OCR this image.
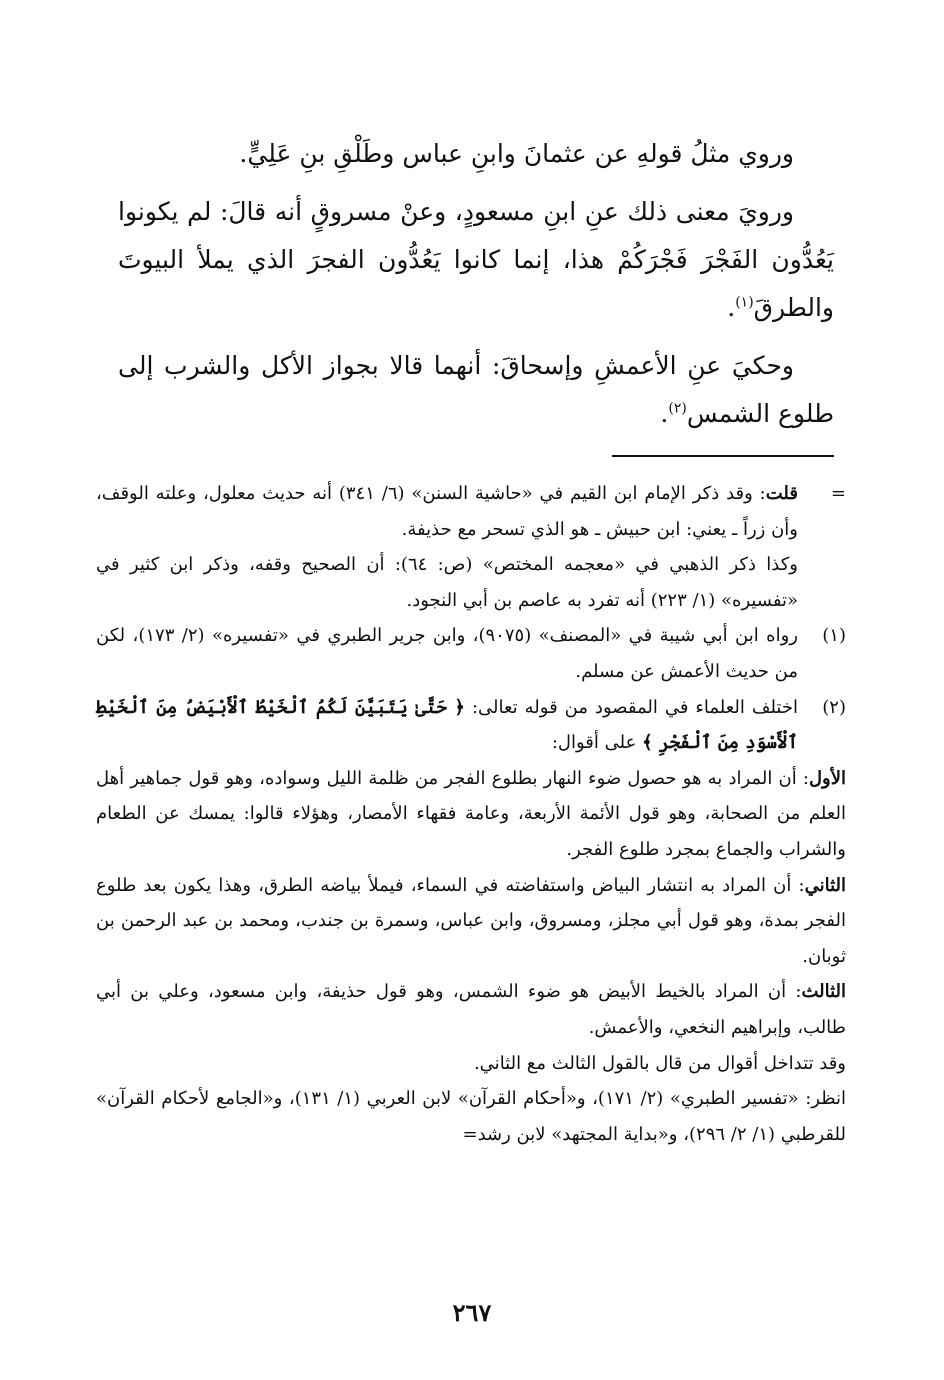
وروي مثلُ قولهِ عن عثمانَ وابنِ عباس وطَلْقِ بنِ عَلِيٍّ.

ورويَ معنى ذلك عنِ ابنِ مسعودٍ، وعنْ مسروقٍ أنه قالَ: لم يكونوا يَعُدُّون الفَجْرَ فَجْرَكُمْ هذا، إنما كانوا يَعُدُّون الفجرَ الذي يملأ البيوتَ والطرقَ$^{(١)}$.

وحكيَ عنِ الأعمشِ وإسحاقَ: أنهما قالا بجواز الأكل والشرب إلى طلوع الشمس$^{(٢)}$.

=

قلت: وقد ذكر الإمام ابن القيم في «حاشية السنن» (٦/ ٣٤١) أنه حديث معلول، وعلته الوقف، وأن زراً ـ يعني: ابن حبيش ـ هو الذي تسحر مع حذيفة.

وكذا ذكر الذهبي في «معجمه المختص» (ص: ٦٤): أن الصحيح وقفه، وذكر ابن كثير في «تفسيره» (١/ ٢٢٣) أنه تفرد به عاصم بن أبي النجود.

(١)

رواه ابن أبي شيبة في «المصنف» (٩٠٧٥)، وابن جرير الطبري في «تفسيره» (٢/ ١٧٣)، لكن من حديث الأعمش عن مسلم.

(٢)

اختلف العلماء في المقصود من قوله تعالى: ﴿ حَتَّىٰ يَتَبَيَّنَ لَكُمُ ٱلْخَيْطُ ٱلْأَبْيَضُ مِنَ ٱلْخَيْطِ ٱلْأَسْوَدِ مِنَ ٱلْفَجْرِ ﴾ على أقوال:

الأول: أن المراد به هو حصول ضوء النهار بطلوع الفجر من ظلمة الليل وسواده، وهو قول جماهير أهل العلم من الصحابة، وهو قول الأئمة الأربعة، وعامة فقهاء الأمصار، وهؤلاء قالوا: يمسك عن الطعام والشراب والجماع بمجرد طلوع الفجر.

الثاني: أن المراد به انتشار البياض واستفاضته في السماء، فيملأ بياضه الطرق، وهذا يكون بعد طلوع الفجر بمدة، وهو قول أبي مجلز، ومسروق، وابن عباس، وسمرة بن جندب، ومحمد بن عبد الرحمن بن ثوبان.

الثالث: أن المراد بالخيط الأبيض هو ضوء الشمس، وهو قول حذيفة، وابن مسعود، وعلي بن أبي طالب، وإبراهيم النخعي، والأعمش.

وقد تتداخل أقوال من قال بالقول الثالث مع الثاني.

انظر: «تفسير الطبري» (٢/ ١٧١)، و«أحكام القرآن» لابن العربي (١/ ١٣١)، و«الجامع لأحكام القرآن» للقرطبي (١/ ٢/ ٢٩٦)، و«بداية المجتهد» لابن رشد=

٢٦٧
